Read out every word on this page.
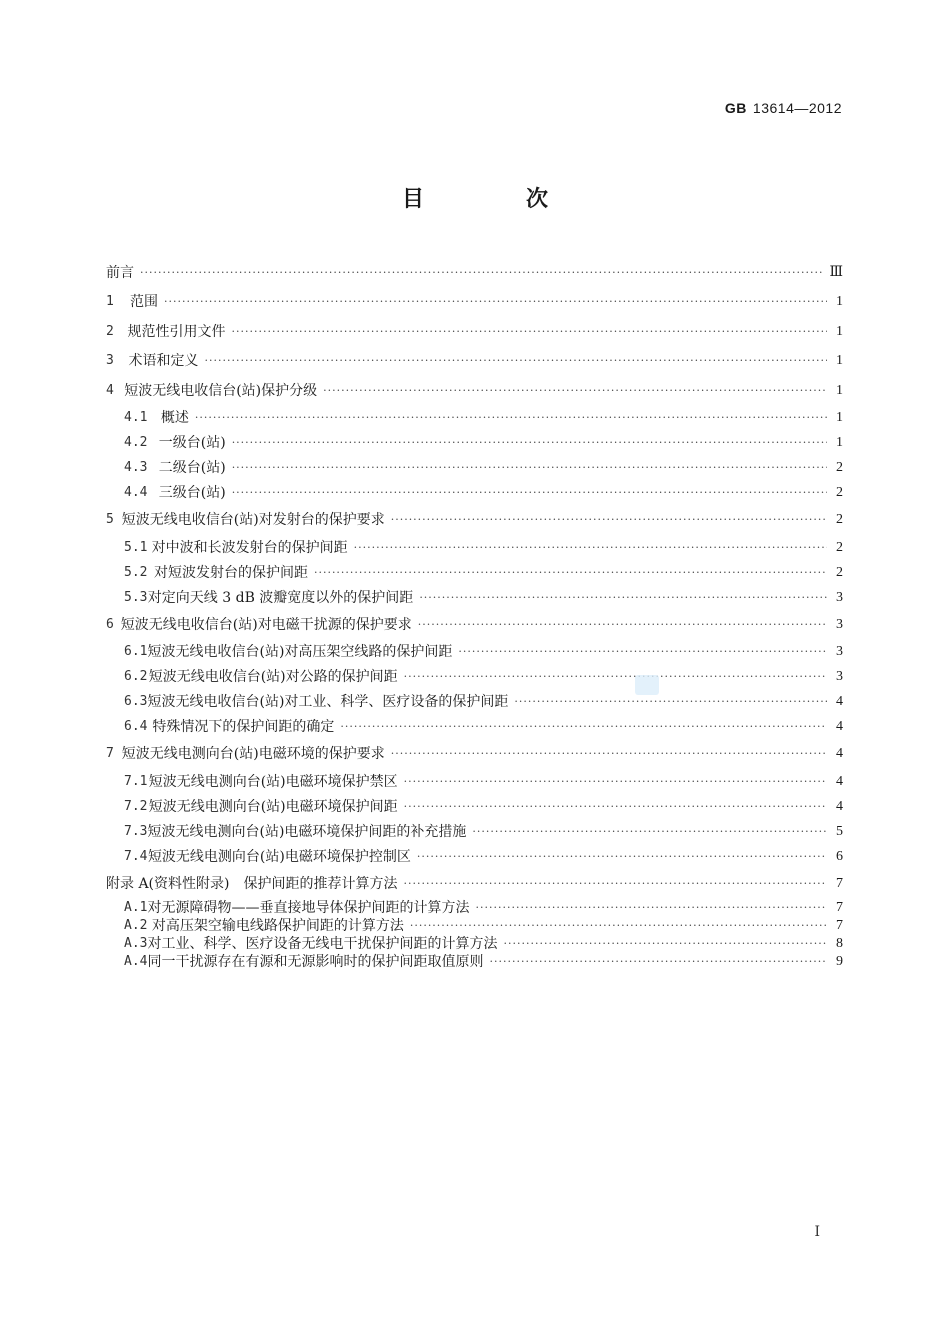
GB 13614—2012
目　次
前言 ·····	Ⅲ
1	范围 ·····	1
2 规范性引用文件 ·····	1
3	术语和定义 ·····	1
4 短波无线电收信台(站)保护分级 ·····	1
4.1 概述 ·····	1
4.2 一级台(站) ·····	1
4.3 二级台(站) ·····	2
4.4 三级台(站) ·····	2
5 短波无线电收信台(站)对发射台的保护要求 ·····	2
5.1 对中波和长波发射台的保护间距 ·····	2
5.2 对短波发射台的保护间距 ·····	2
5.3 对定向天线 3 dB 波瓣宽度以外的保护间距 ·····	3
6 短波无线电收信台(站)对电磁干扰源的保护要求 ·····	3
6.1 短波无线电收信台(站)对高压架空线路的保护间距 ·····	3
6.2 短波无线电收信台(站)对公路的保护间距 ·····	3
6.3 短波无线电收信台(站)对工业、科学、医疗设备的保护间距 ·····	4
6.4 特殊情况下的保护间距的确定 ·····	4
7 短波无线电测向台(站)电磁环境的保护要求 ·····	4
7.1 短波无线电测向台(站)电磁环境保护禁区 ·····	4
7.2 短波无线电测向台(站)电磁环境保护间距 ·····	4
7.3 短波无线电测向台(站)电磁环境保护间距的补充措施 ·····	5
7.4 短波无线电测向台(站)电磁环境保护控制区 ·····	6
附录 A(资料性附录)　保护间距的推荐计算方法 ·····	7
A.1 对无源障碍物——垂直接地导体保护间距的计算方法 ·····	7
A.2 对高压架空输电线路保护间距的计算方法 ·····	7
A.3 对工业、科学、医疗设备无线电干扰保护间距的计算方法 ·····	8
A.4 同一干扰源存在有源和无源影响时的保护间距取值原则 ·····	9
Ⅰ
